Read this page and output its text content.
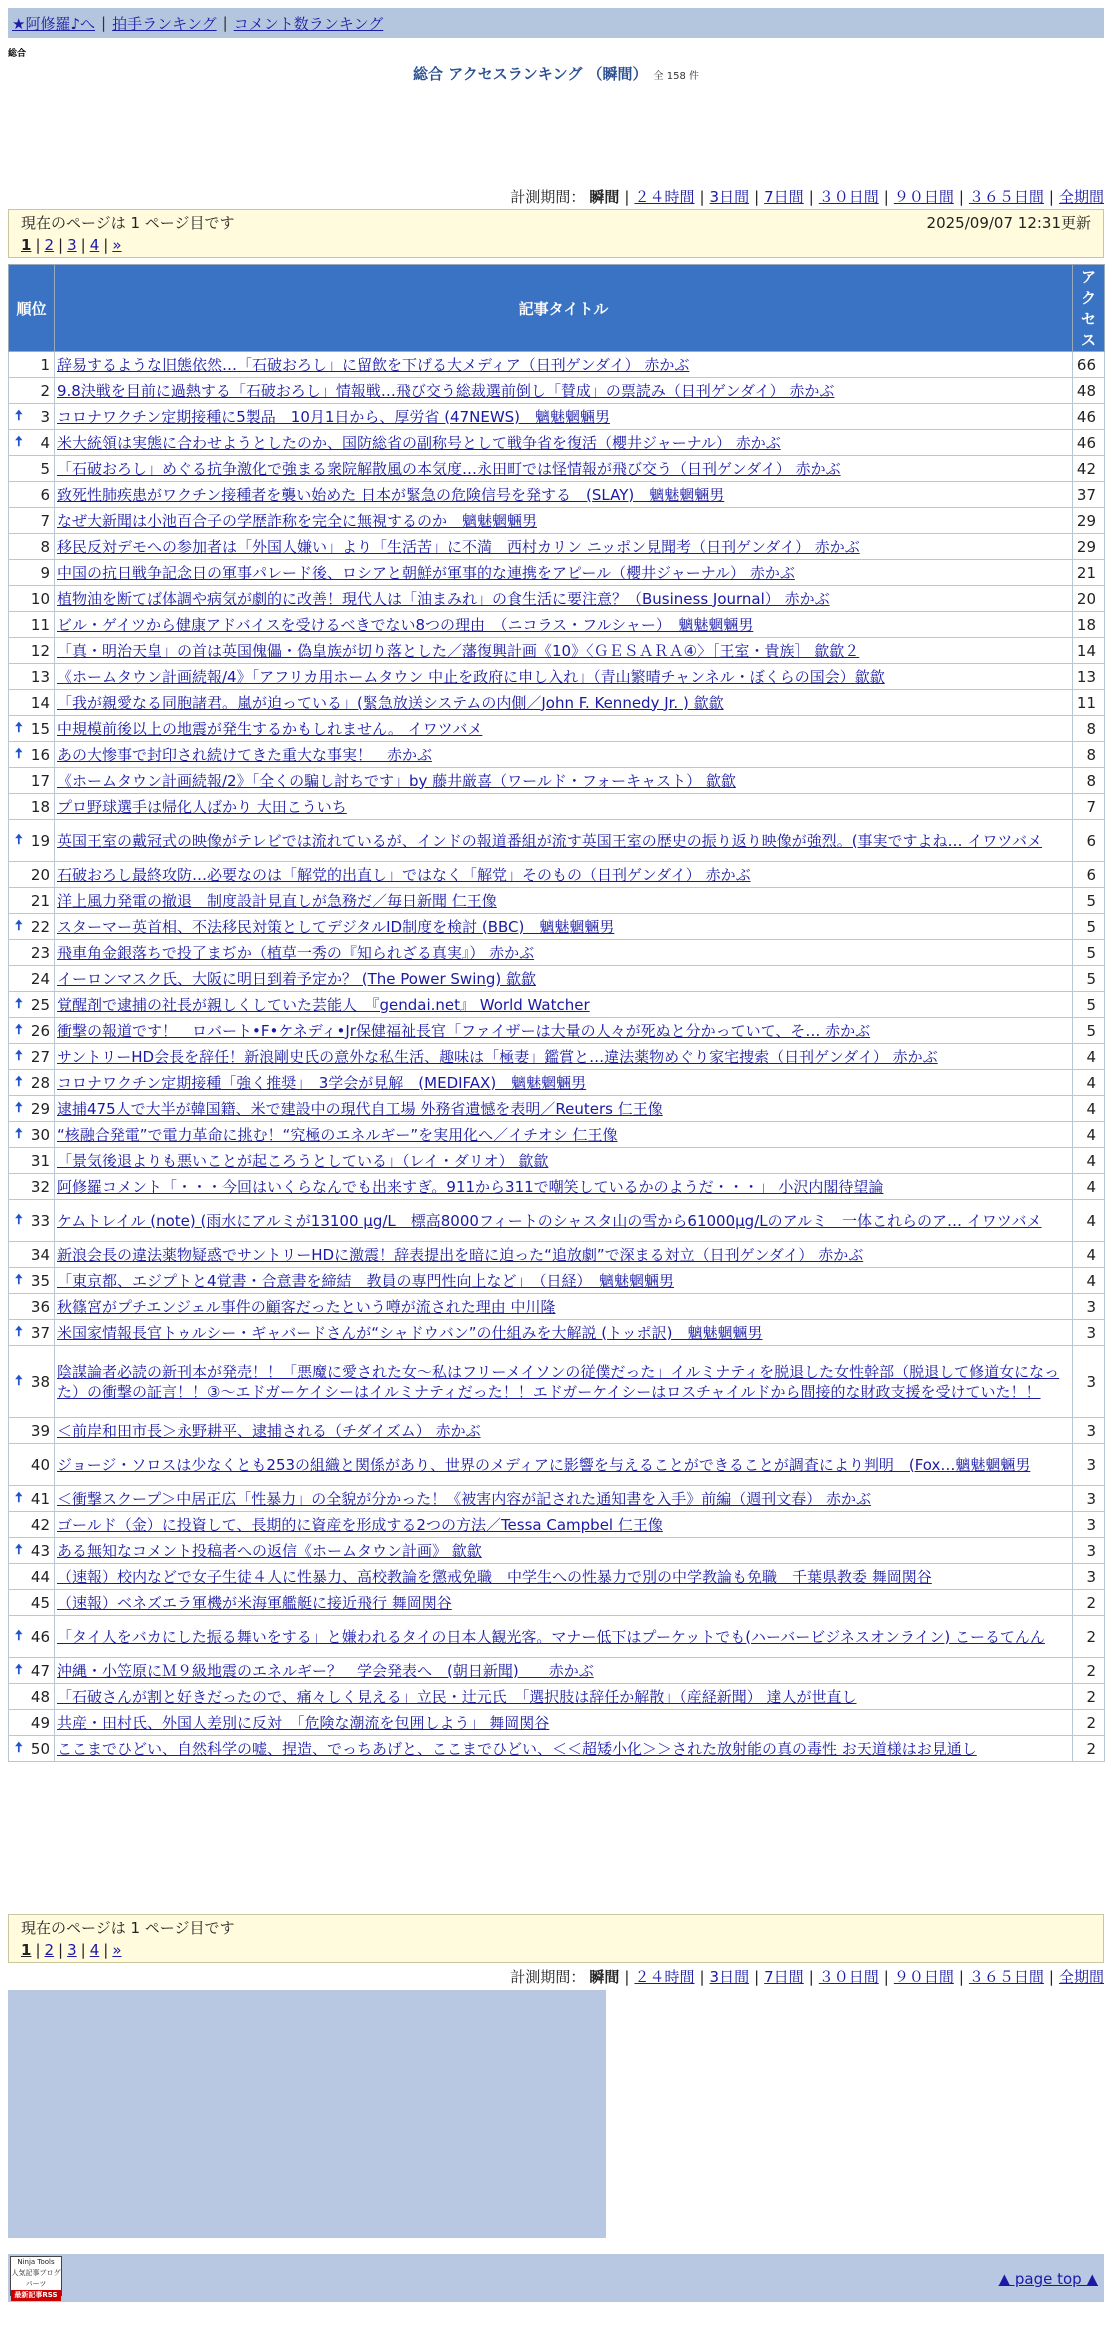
★阿修羅♪へ | 拍手ランキング | コメント数ランキング
総合
総合 アクセスランキング （瞬間） 全 158 件
計測期間： 瞬間 | ２４時間 | 3日間 | 7日間 | ３０日間 | ９０日間 | ３６５日間 | 全期間
現在のページは 1 ページ目です	2025/09/07 12:31更新
1 | 2 | 3 | 4 | »
順位	記事タイトル	アクセス
1	辞易するような旧態依然…「石破おろし」に留飲を下げる大メディア（日刊ゲンダイ） 赤かぶ	66
2	9.8決戦を目前に過熱する「石破おろし」情報戦…飛び交う総裁選前倒し「賛成」の票読み（日刊ゲンダイ） 赤かぶ	48

🠅 3	コロナワクチン定期接種に5製品　10月1日から、厚労省 (47NEWS)　魑魅魍魎男	46

🠅 4	米大統領は実態に合わせようとしたのか、国防総省の副称号として戦争省を復活（櫻井ジャーナル） 赤かぶ	46
5	「石破おろし」めぐる抗争激化で強まる衆院解散風の本気度…永田町では怪情報が飛び交う（日刊ゲンダイ） 赤かぶ	42
6	致死性肺疾患がワクチン接種者を襲い始めた 日本が緊急の危険信号を発する　(SLAY)　魑魅魍魎男	37
7	なぜ大新聞は小池百合子の学歴詐称を完全に無視するのか　魑魅魍魎男	29
8	移民反対デモへの参加者は「外国人嫌い」より「生活苦」に不満　西村カリン ニッポン見聞考（日刊ゲンダイ） 赤かぶ	29
9	中国の抗日戦争記念日の軍事パレード後、ロシアと朝鮮が軍事的な連携をアピール（櫻井ジャーナル） 赤かぶ	21
10	植物油を断てば体調や病気が劇的に改善！現代人は「油まみれ」の食生活に要注意？（Business Journal） 赤かぶ	20
11	ビル・ゲイツから健康アドバイスを受けるべきでない8つの理由　（ニコラス・フルシャー）　魑魅魍魎男	18
12	「真・明治天皇」の首は英国傀儡・偽皇族が切り落とした／藩復興計画《10》〈ＧＥＳＡＲＡ④〉［王室・貴族］ 歙歙２	14
13	《ホームタウン計画続報/4》「アフリカ用ホームタウン 中止を政府に申し入れ」（青山繁晴チャンネル・ぼくらの国会）歙歙	13
14	「我が親愛なる同胞諸君。嵐が迫っている」(緊急放送システムの内側／John F. Kennedy Jr. ) 歙歙	11

🠅 15	中規模前後以上の地震が発生するかもしれません。 イワツバメ	8

🠅 16	あの大惨事で封印され続けてきた重大な事実！　赤かぶ	8
17	《ホームタウン計画続報/2》「全くの騙し討ちです」by 藤井厳喜（ワールド・フォーキャスト） 歙歙	8
18	プロ野球選手は帰化人ばかり 大田こういち	7

🠅 19	英国王室の戴冠式の映像がテレビでは流れているが、インドの報道番組が流す英国王室の歴史の振り返り映像が強烈。(事実ですよね… イワツバメ	6
20	石破おろし最終攻防…必要なのは「解党的出直し」ではなく「解党」そのもの（日刊ゲンダイ） 赤かぶ	6
21	洋上風力発電の撤退　制度設計見直しが急務だ／毎日新聞 仁王像	5

🠅 22	スターマー英首相、不法移民対策としてデジタルID制度を検討 (BBC)　魑魅魍魎男	5
23	飛車角金銀落ちで投了まぢか（植草一秀の『知られざる真実』） 赤かぶ	5
24	イーロンマスク氏、大阪に明日到着予定か？ (The Power Swing) 歙歙	5

🠅 25	覚醒剤で逮捕の社長が親しくしていた芸能人　『gendai.net』 World Watcher	5

🠅 26	衝撃の報道です！　ロバート•F•ケネディ•Jr保健福祉長官「ファイザーは大量の人々が死ぬと分かっていて、そ… 赤かぶ	5

🠅 27	サントリーHD会長を辞任！新浪剛史氏の意外な私生活、趣味は「極妻」鑑賞と…違法薬物めぐり家宅捜索（日刊ゲンダイ） 赤かぶ	4

🠅 28	コロナワクチン定期接種「強く推奨」　3学会が見解　(MEDIFAX)　魑魅魍魎男	4

🠅 29	逮捕475人で大半が韓国籍、米で建設中の現代自工場 外務省遺憾を表明／Reuters 仁王像	4

🠅 30	“核融合発電”で電力革命に挑む！“究極のエネルギー”を実用化へ／イチオシ 仁王像	4
31	「景気後退よりも悪いことが起ころうとしている」（レイ・ダリオ） 歙歙	4
32	阿修羅コメント「・・・今回はいくらなんでも出来すぎ。911から311で嘲笑しているかのようだ・・・」 小沢内閣待望論	4

🠅 33	ケムトレイル (note) (雨水にアルミが13100 μg/L　標高8000フィートのシャスタ山の雪から61000μg/Lのアルミ　一体これらのア… イワツバメ	4
34	新浪会長の違法薬物疑惑でサントリーHDに激震！辞表提出を暗に迫った“追放劇”で深まる対立（日刊ゲンダイ） 赤かぶ	4

🠅 35	「東京都、エジプトと4覚書・合意書を締結　教員の専門性向上など」　（日経）　魑魅魍魎男	4
36	秋篠宮がプチエンジェル事件の顧客だったという噂が流された理由 中川隆	3

🠅 37	米国家情報長官トゥルシー・ギャバードさんが“シャドウバン”の仕組みを大解説 (トッポ訳)　魑魅魍魎男	3

🠅 38	陰謀論者必読の新刊本が発売！！「悪魔に愛された女〜私はフリーメイソンの従僕だった」イルミナティを脱退した女性幹部（脱退して修道女になった）の衝撃の証言！！③〜エドガーケイシーはイルミナティだった！！エドガーケイシーはロスチャイルドから間接的な財政支援を受けていた！！	3
39	＜前岸和田市長＞永野耕平、逮捕される（チダイズム） 赤かぶ	3
40	ジョージ・ソロスは少なくとも253の組織と関係があり、世界のメディアに影響を与えることができることが調査により判明　(Fox…魑魅魍魎男	3

🠅 41	＜衝撃スクープ＞中居正広「性暴力」の全貌が分かった！《被害内容が記された通知書を入手》前編（週刊文春） 赤かぶ	3
42	ゴールド（金）に投資して、長期的に資産を形成する2つの方法／Tessa Campbel 仁王像	3

🠅 43	ある無知なコメント投稿者への返信《ホームタウン計画》 歙歙	3
44	（速報）校内などで女子生徒４人に性暴力、高校教論を懲戒免職　中学生への性暴力で別の中学教論も免職　千葉県教委 舞岡関谷	3
45	（速報）ベネズエラ軍機が米海軍艦艇に接近飛行 舞岡関谷	2

🠅 46	「タイ人をバカにした振る舞いをする」と嫌われるタイの日本人観光客。マナー低下はプーケットでも(ハーバービジネスオンライン) こーるてんん	2

🠅 47	沖縄・小笠原にＭ９級地震のエネルギー？　学会発表へ　(朝日新聞)　　赤かぶ	2
48	「石破さんが割と好きだったので、痛々しく見える」立民・辻元氏　「選択肢は辞任か解散」（産経新聞） 達人が世直し	2
49	共産・田村氏、外国人差別に反対　「危険な潮流を包囲しよう」 舞岡関谷	2

🠅 50	ここまでひどい、自然科学の嘘、捏造、でっちあげと、ここまでひどい、＜＜超矮小化＞＞された放射能の真の毒性 お天道様はお見通し	2
現在のページは 1 ページ目です
1 | 2 | 3 | 4 | »
計測期間： 瞬間 | ２４時間 | 3日間 | 7日間 | ３０日間 | ９０日間 | ３６５日間 | 全期間
Ninja Tools
人気記事ブログパーツ
最新記事RSS
▲ page top ▲
